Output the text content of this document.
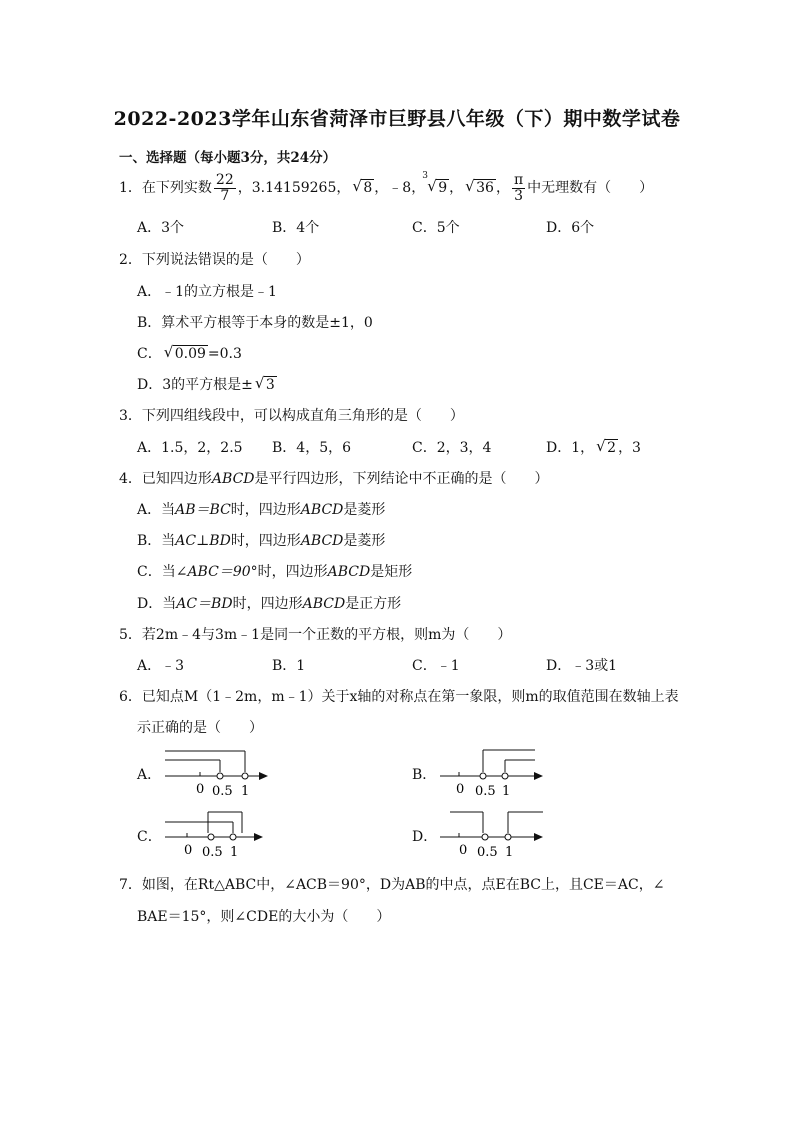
2022-2023学年山东省菏泽市巨野县八年级（下）期中数学试卷
一、选择题（每小题3分，共24分）
1．在下列实数 $\frac{22}{7}$ ，3.14159265， √ 8 ，﹣8，
3
√ 9 ， √ 36 ， $\frac{\pi}{3}$ 中无理数有（　　）
A．3个	B．4个	C．5个	D．6个
2．下列说法错误的是（　　）
A．﹣1的立方根是﹣1
B．算术平方根等于本身的数是±1，0
C． √ 0.09 =0.3
D．3的平方根是± √ 3
3．下列四组线段中，可以构成直角三角形的是（　　）
A．1.5，2，2.5 B．4，5，6	C．2，3，4	D．1， √ 2 ，3
4．已知四边形ABCD是平行四边形，下列结论中不正确的是（　　）
A．当AB＝BC时，四边形ABCD是菱形
B．当AC⊥BD时，四边形ABCD是菱形
C．当∠ABC＝90°时，四边形ABCD是矩形
D．当AC＝BD时，四边形ABCD是正方形
5．若2m﹣4与3m﹣1是同一个正数的平方根，则m为（　　）
A．﹣3	B．1	C．﹣1	D．﹣3或1
6．已知点M（1﹣2m，m﹣1）关于x轴的对称点在第一象限，则m的取值范围在数轴上表
示正确的是（　　）
A．
0 0.5 1
B．
0 0.5 1
C．
0 0.5 1
D．
0 0.5 1
7．如图，在Rt△ABC中，∠ACB＝90°，D为AB的中点，点E在BC上，且CE＝AC，∠
BAE＝15°，则∠CDE的大小为（　　）
